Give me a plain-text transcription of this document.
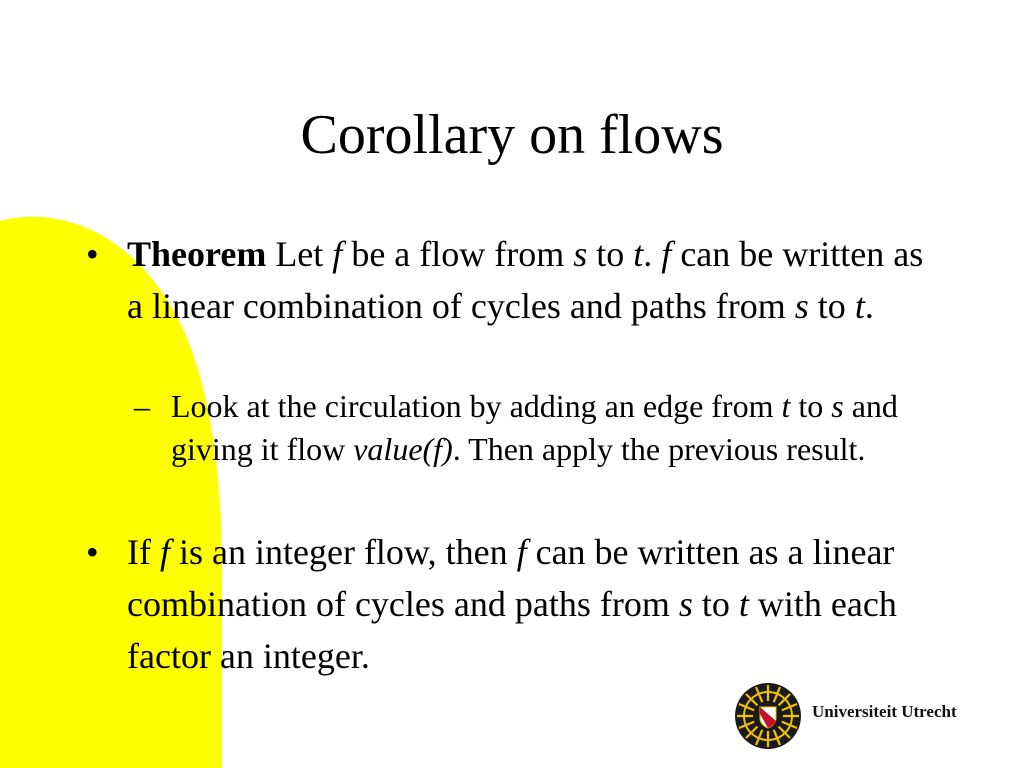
Corollary on flows
• Theorem Let f be a flow from s to t. f can be written as a linear combination of cycles and paths from s to t.
– Look at the circulation by adding an edge from t to s and giving it flow value(f). Then apply the previous result.
• If f is an integer flow, then f can be written as a linear combination of cycles and paths from s to t with each factor an integer.
Universiteit Utrecht
